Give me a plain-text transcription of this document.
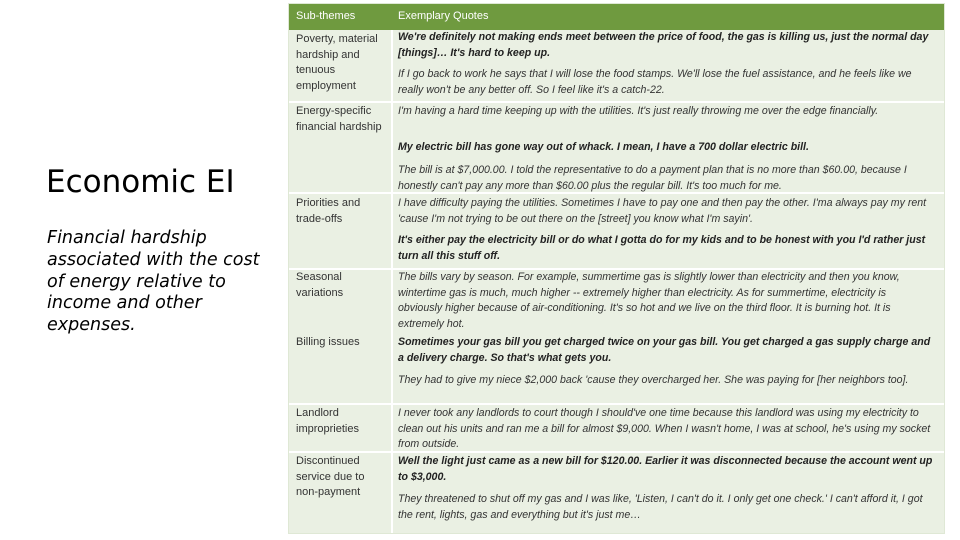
Economic EI

Financial hardship associated with the cost of energy relative to income and other expenses.

Sub-themes	Exemplary Quotes
Poverty, material hardship and tenuous employment
Energy-specific financial hardship
Priorities and trade-offs
Seasonal variations
Billing issues
Landlord improprieties
Discontinued service due to non-payment
We're definitely not making ends meet between the price of food, the gas is killing us, just the normal day [things]… It's hard to keep up.
If I go back to work he says that I will lose the food stamps. We'll lose the fuel assistance, and he feels like we really won't be any better off. So I feel like it's a catch-22.
I'm having a hard time keeping up with the utilities. It's just really throwing me over the edge financially.
My electric bill has gone way out of whack. I mean, I have a 700 dollar electric bill.
The bill is at $7,000.00. I told the representative to do a payment plan that is no more than $60.00, because I honestly can't pay any more than $60.00 plus the regular bill. It's too much for me.
I have difficulty paying the utilities. Sometimes I have to pay one and then pay the other. I'ma always pay my rent 'cause I'm not trying to be out there on the [street] you know what I'm sayin'.
It's either pay the electricity bill or do what I gotta do for my kids and to be honest with you I'd rather just turn all this stuff off.
The bills vary by season. For example, summertime gas is slightly lower than electricity and then you know, wintertime gas is much, much higher -- extremely higher than electricity. As for summertime, electricity is obviously higher because of air-conditioning. It's so hot and we live on the third floor. It is burning hot. It is extremely hot.
Sometimes your gas bill you get charged twice on your gas bill. You get charged a gas supply charge and a delivery charge. So that's what gets you.
They had to give my niece $2,000 back 'cause they overcharged her. She was paying for [her neighbors too].
I never took any landlords to court though I should've one time because this landlord was using my electricity to clean out his units and ran me a bill for almost $9,000. When I wasn't home, I was at school, he's using my socket from outside.
Well the light just came as a new bill for $120.00. Earlier it was disconnected because the account went up to $3,000.
They threatened to shut off my gas and I was like, 'Listen, I can't do it. I only get one check.' I can't afford it, I got the rent, lights, gas and everything but it's just me…
